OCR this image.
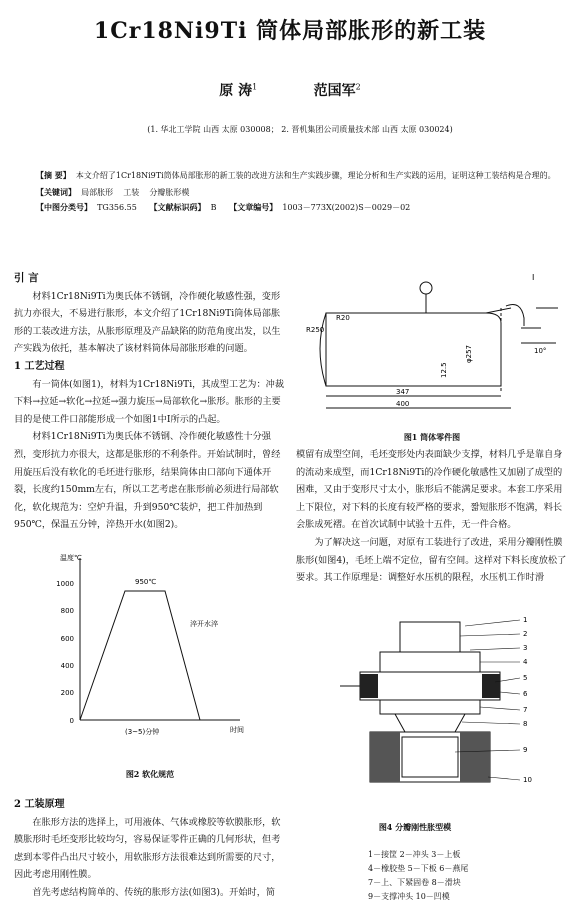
1Cr18Ni9Ti 筒体局部胀形的新工装
原 涛$^1$	范国军$^2$
(1. 华北工学院 山西 太原 030008； 2. 晋机集团公司质量技术部 山西 太原 030024)
【摘 要】 本文介绍了1Cr18Ni9Ti筒体局部胀形的新工装的改进方法和生产实践步骤，理论分析和生产实践的运用，证明这种工装结构是合理的。
【关键词】 局部胀形    工装    分瓣胀形模
【中图分类号】 TG356.55 【文献标识码】 B 【文章编号】 1003－773X(2002)S－0029－02
引 言

材料1Cr18Ni9Ti为奥氏体不锈钢，冷作硬化敏感性强，变形抗力亦很大，不易进行胀形，本文介绍了1Cr18Ni9Ti筒体局部胀形的工装改进方法，从胀形原理及产品缺陷的防范角度出发，以生产实践为依托，基本解决了该材料筒体局部胀形难的问题。

1 工艺过程

有一筒体(如图1)，材料为1Cr18Ni9Ti，其成型工艺为：冲裁下料→拉延→软化→拉延→强力旋压→局部软化→胀形。胀形的主要目的是使工件口部能形成一个如图1中Ⅰ所示的凸起。

材料1Cr18Ni9Ti为奥氏体不锈钢、冷作硬化敏感性十分强

R20
R250
φ257
347
400
12.5
I
10°
图1 筒体零件图
烈，变形抗力亦很大，这都是胀形的不利条件。开始试制时，曾经用旋压后没有软化的毛坯进行胀形，结果筒体由口部向下通体开裂，长度约150mm左右，所以工艺考虑在胀形前必须进行局部软化，软化规范为：空炉升温，升到950℃装炉，把工件加热到950℃，保温五分钟，淬热开水(如图2)。
1000
800
600
400
200
0
温度℃
时间
950℃
淬开水淬
(3~5)分钟
图2 软化规范
2 工装原理

在胀形方法的选择上，可用液体、气体或橡胶等软膜胀形，软膜胀形时毛坯变形比较均匀，容易保证零件正确的几何形状，但考虑到本零件凸出尺寸较小，用软胀形方法很难达到所需要的尺寸，因此考虑用刚性膜。

首先考虑结构简单的、传统的胀形方法(如图3)。开始时，简

模留有成型空间，毛坯变形处内表面缺少支撑，材料几乎是靠自身的流动来成型，而1Cr18Ni9Ti的冷作硬化敏感性又加剧了成型的困难，又由于变形尺寸太小，胀形后不能满足要求。本套工序采用上下限位，对下料的长度有较严格的要求，짧短胀形不饱满，料长会胀成死褶。在首次试制中试验十五件，无一件合格。

为了解决这一问题，对原有工装进行了改进，采用分瓣刚性膜胀形(如图4)，毛坯上端不定位，留有空间。这样对下料长度放松了要求。其工作原理是：调整好水压机的限程，水压机工作时滑

1
2
3
4
5
6
7
8
9
10
图4 分瓣刚性胀型模
1－接筐 2－冲头 3－上板
4－橡胶垫 5－下板 6－燕尾
7－上、下紧固卷 8－滑块
9－支撑冲头 10－凹模
